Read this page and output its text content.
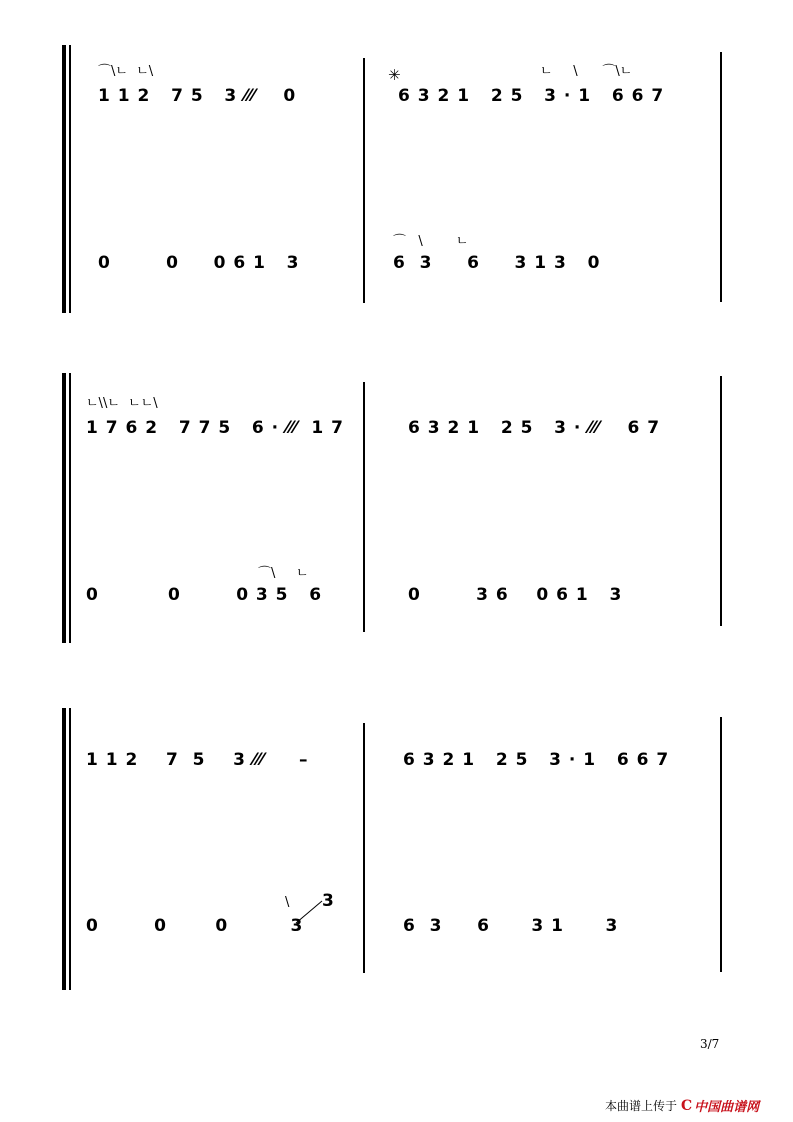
⌒\ㄴ  ㄴ\
1 1 2   7 5   3 ⁄⁄⁄    0
✳	ㄴ     \      ⌒\ㄴ
6 3 2 1   2 5   3 · 1   6 6 7
⌒   \        ㄴ
0        0     0 6 1   3	6  3     6     3 1 3   0
ㄴ\\ㄴ  ㄴㄴ\
1 7 6 2   7 7 5   6 · ⁄⁄⁄  1 7	6 3 2 1   2 5   3 · ⁄⁄⁄    6 7
⌒\     ㄴ
0          0        0 3 5   6	0        3 6    0 6 1   3
1 1 2    7  5    3 ⁄⁄⁄     –	6 3 2 1   2 5   3 · 1   6 6 7
\ 3
0        0       0         3	6  3     6      3 1      3
3/7
本曲谱上传于 C 中国曲谱网
